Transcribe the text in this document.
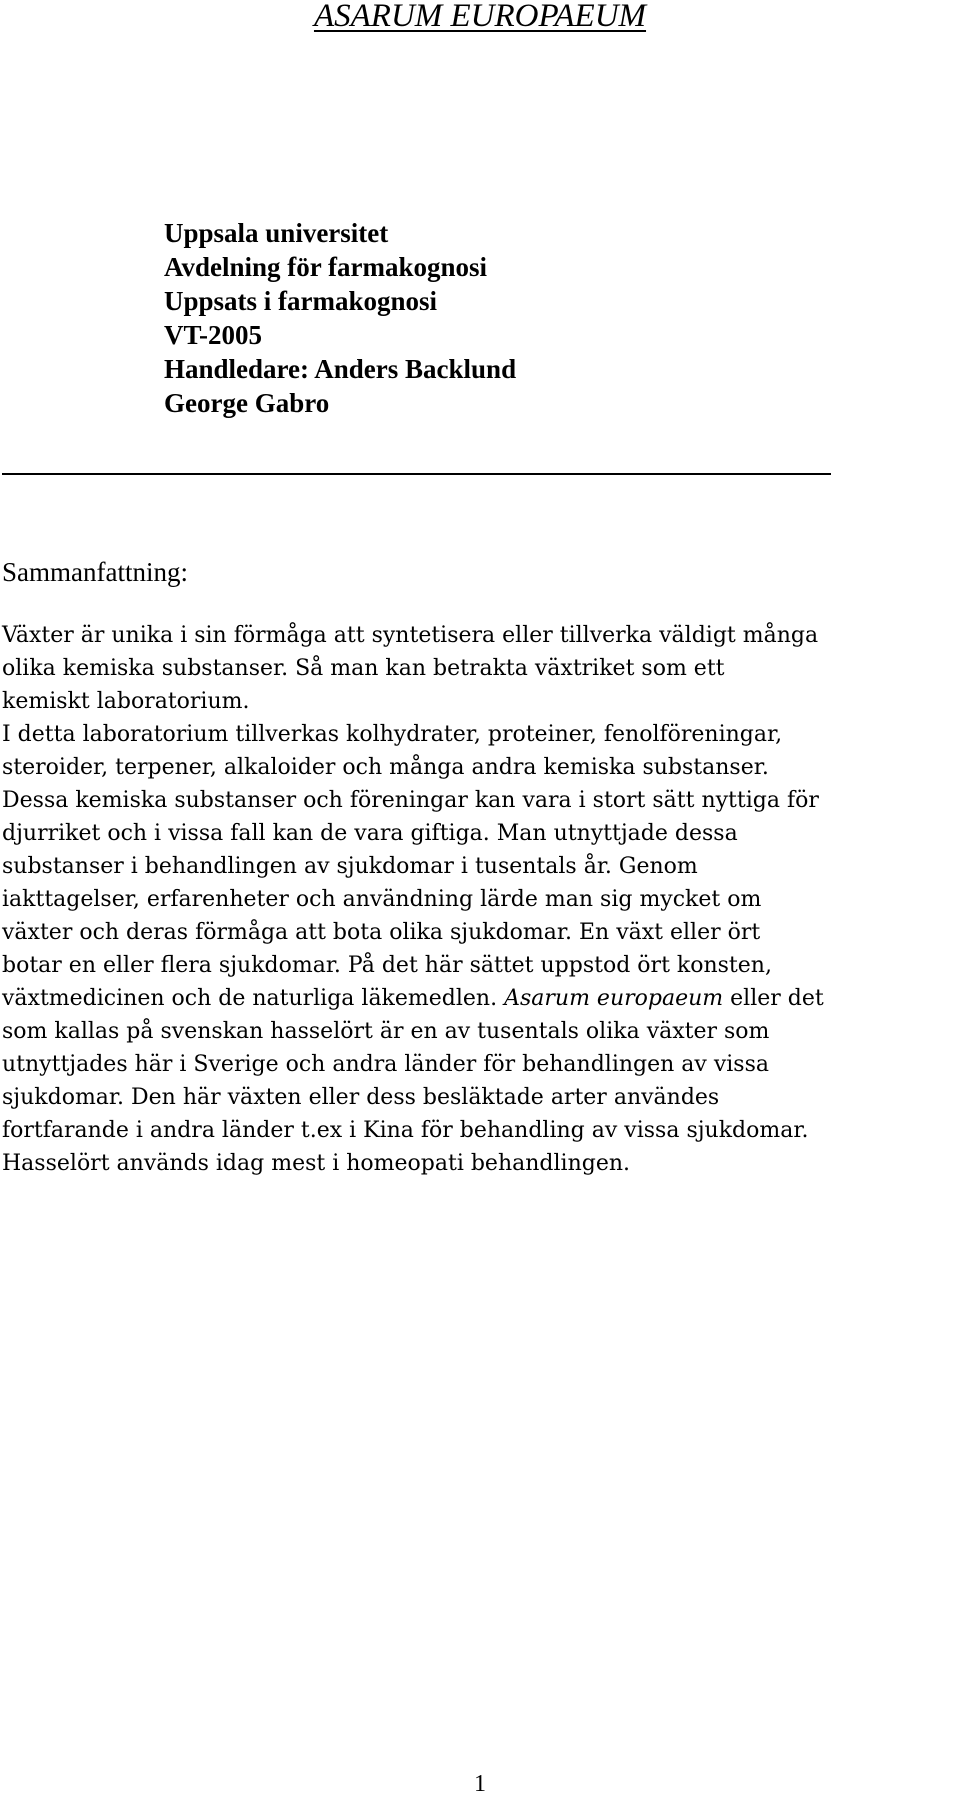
ASARUM EUROPAEUM
Uppsala universitet
Avdelning för farmakognosi
Uppsats i farmakognosi
VT-2005
Handledare: Anders Backlund
George Gabro
Sammanfattning:
Växter är unika i sin förmåga att syntetisera eller tillverka väldigt många
olika kemiska substanser. Så man kan betrakta växtriket som ett
kemiskt laboratorium.
I detta laboratorium tillverkas kolhydrater, proteiner, fenolföreningar,
steroider, terpener, alkaloider och många andra kemiska substanser.
Dessa kemiska substanser och föreningar kan vara i stort sätt nyttiga för
djurriket och i vissa fall kan de vara giftiga. Man utnyttjade dessa
substanser i behandlingen av sjukdomar i tusentals år. Genom
iakttagelser, erfarenheter och användning lärde man sig mycket om
växter och deras förmåga att bota olika sjukdomar. En växt eller ört
botar en eller flera sjukdomar. På det här sättet uppstod ört konsten,
växtmedicinen och de naturliga läkemedlen. Asarum europaeum eller det
som kallas på svenskan hasselört är en av tusentals olika växter som
utnyttjades här i Sverige och andra länder för behandlingen av vissa
sjukdomar. Den här växten eller dess besläktade arter användes
fortfarande i andra länder t.ex i Kina för behandling av vissa sjukdomar.
Hasselört används idag mest i homeopati behandlingen.
1
